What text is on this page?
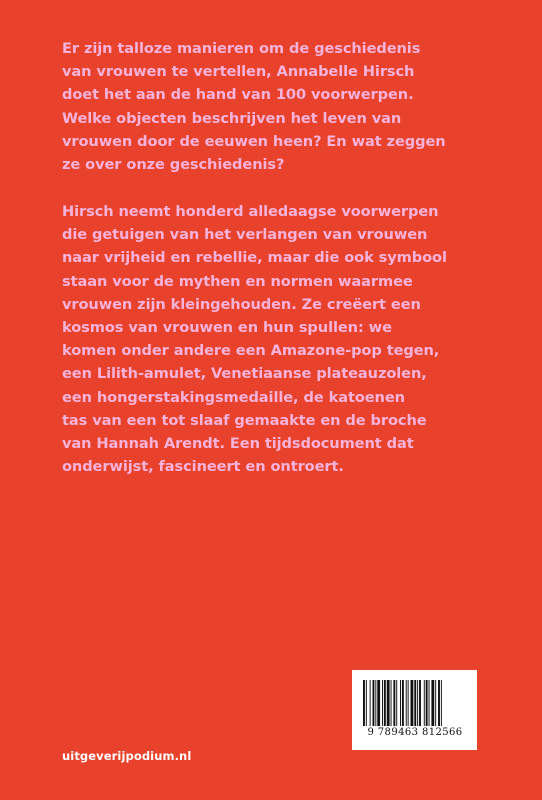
Er zijn talloze manieren om de geschiedenis
van vrouwen te vertellen, Annabelle Hirsch
doet het aan de hand van 100 voorwerpen.
Welke objecten beschrijven het leven van
vrouwen door de eeuwen heen? En wat zeggen
ze over onze geschiedenis?

Hirsch neemt honderd alledaagse voorwerpen
die getuigen van het verlangen van vrouwen
naar vrijheid en rebellie, maar die ook symbool
staan voor de mythen en normen waarmee
vrouwen zijn kleingehouden. Ze creëert een
kosmos van vrouwen en hun spullen: we
komen onder andere een Amazone-pop tegen,
een Lilith-amulet, Venetiaanse plateauzolen,
een hongerstakingsmedaille, de katoenen
tas van een tot slaaf gemaakte en de broche
van Hannah Arendt. Een tijdsdocument dat
onderwijst, fascineert en ontroert.

uitgeverijpodium.nl
9 789463 812566
